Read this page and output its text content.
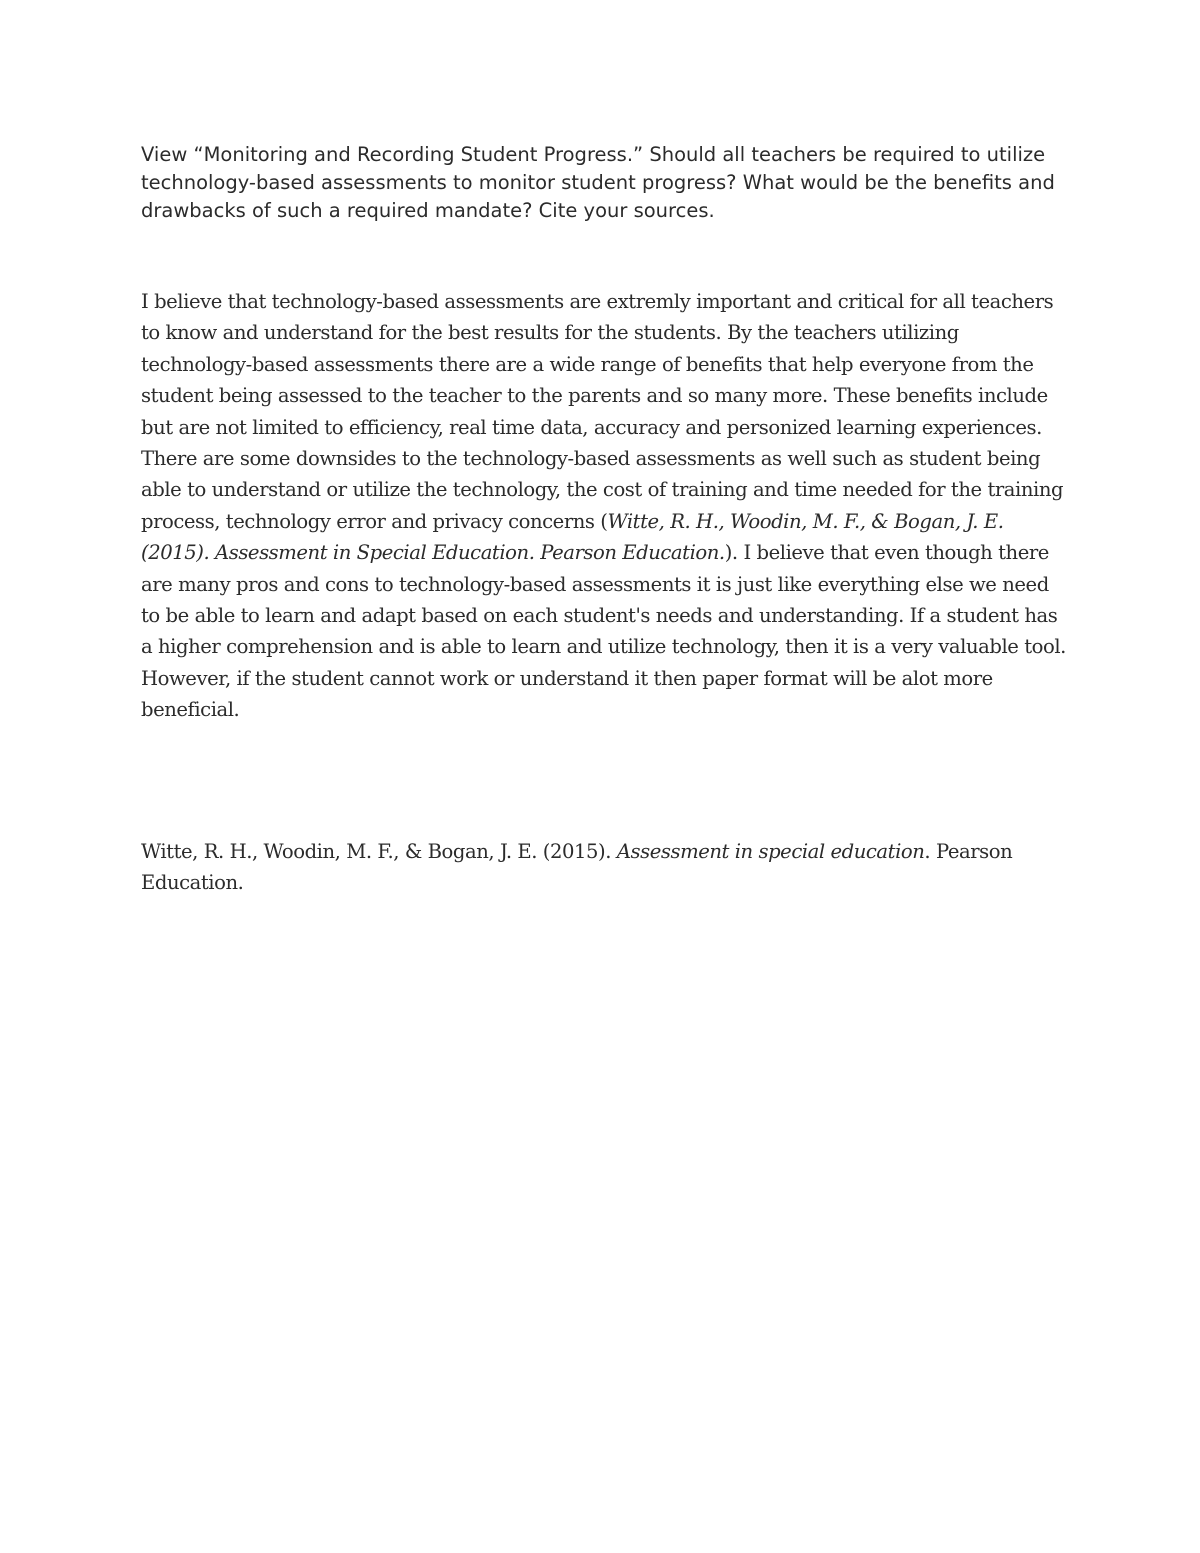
View “Monitoring and Recording Student Progress.” Should all teachers be required to utilize technology-based assessments to monitor student progress? What would be the benefits and drawbacks of such a required mandate? Cite your sources.

I believe that technology-based assessments are extremly important and critical for all teachers to know and understand for the best results for the students. By the teachers utilizing technology-based assessments there are a wide range of benefits that help everyone from the student being assessed to the teacher to the parents and so many more. These benefits include but are not limited to efficiency, real time data, accuracy and personized learning experiences. There are some downsides to the technology-based assessments as well such as student being able to understand or utilize the technology, the cost of training and time needed for the training process, technology error and privacy concerns (Witte, R. H., Woodin, M. F., & Bogan, J. E. (2015). Assessment in Special Education. Pearson Education.). I believe that even though there are many pros and cons to technology-based assessments it is just like everything else we need to be able to learn and adapt based on each student's needs and understanding. If a student has a higher comprehension and is able to learn and utilize technology, then it is a very valuable tool. However, if the student cannot work or understand it then paper format will be alot more beneficial.

Witte, R. H., Woodin, M. F., & Bogan, J. E. (2015). Assessment in special education. Pearson Education.
